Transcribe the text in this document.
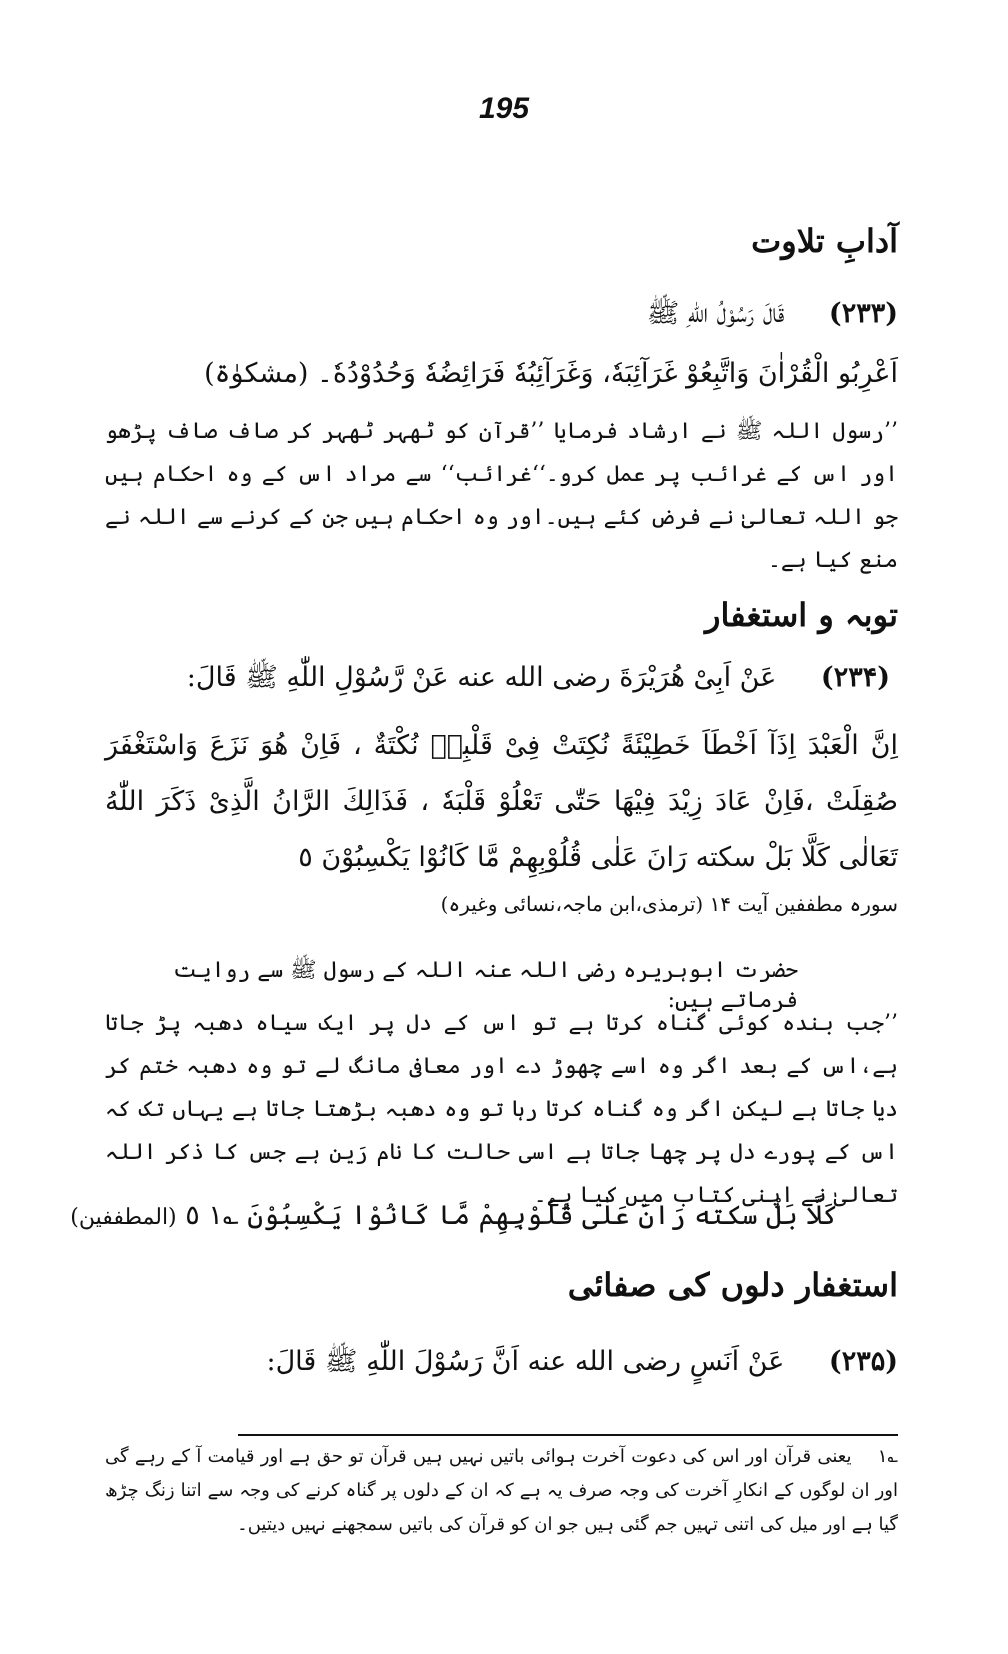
195
آدابِ تلاوت
(۲۳۳) قَالَ رَسُوْلُ اللّٰهِ ﷺ
اَعْرِبُو الْقُرْاٰنَ وَاتَّبِعُوْ غَرَآئِبَهٗ، وَغَرَآئِبُهٗ فَرَائِضُهٗ وَحُدُوْدُهٗ۔ (مشکوٰۃ)
’’رسول اللہ ﷺ نے ارشاد فرمایا ’’قرآن کو ٹھہر ٹھہر کر صاف صاف پڑھو اور اس کے غرائب پر عمل کرو۔‘‘غرائب‘‘ سے مراد اس کے وہ احکام ہیں جو اللہ تعالیٰ نے فرض کئے ہیں۔اور وہ احکام ہیں جن کے کرنے سے اللہ نے منع کیا ہے۔
توبہ و استغفار
(۲۳۴) عَنْ اَبِیْ هُرَیْرَةَ رضی الله عنه عَنْ رَّسُوْلِ اللّٰهِ ﷺ قَالَ:
اِنَّ الْعَبْدَ اِذَآ اَخْطَاَ خَطِیْئَةً نُكِتَتْ فِیْ قَلْبِهٖ نُكْتَةٌ ، فَاِنْ هُوَ نَزَعَ وَاسْتَغْفَرَ صُقِلَتْ ،فَاِنْ عَادَ زِیْدَ فِیْهَا حَتّٰی تَعْلُوْ قَلْبَهٗ ، فَذَالِكَ الرَّانُ الَّذِیْ ذَكَرَ اللّٰهُ تَعَالٰی كَلَّا بَلْ سكته رَانَ عَلٰی قُلُوْبِهِمْ مَّا كَانُوْا یَكْسِبُوْنَ ٥
سورہ مطففین آیت ۱۴ (ترمذی،ابن ماجہ،نسائی وغیرہ)
حضرت ابوہریرہ رضی اللہ عنہ اللہ کے رسول ﷺ سے روایت فرماتے ہیں:
’’جب بندہ کوئی گناہ کرتا ہے تو اس کے دل پر ایک سیاہ دھبہ پڑ جاتا ہے،اس کے بعد اگر وہ اسے چھوڑ دے اور معافی مانگ لے تو وہ دھبہ ختم کر دیا جاتا ہے لیکن اگر وہ گناہ کرتا رہا تو وہ دھبہ بڑھتا جاتا ہے یہاں تک کہ اس کے پورے دل پر چھا جاتا ہے اسی حالت کا نام رَین ہے جس کا ذکر اللہ تعالیٰ نے اپنی کتاب میں کیا ہے۔
كَلَّا بَلْ سكته رَانَ عَلٰی قُلُوْبِهِمْ مَّا كَانُوْا یَكْسِبُوْنَ ؎١ ٥ (المطففین)
استغفار دلوں کی صفائی
(۲۳۵) عَنْ اَنَسٍ رضی الله عنه اَنَّ رَسُوْلَ اللّٰهِ ﷺ قَالَ:
؎١ یعنی قرآن اور اس کی دعوت آخرت ہوائی باتیں نہیں ہیں قرآن تو حق ہے اور قیامت آ کے رہے گی اور ان لوگوں کے انکارِ آخرت کی وجہ صرف یہ ہے کہ ان کے دلوں پر گناہ کرنے کی وجہ سے اتنا زنگ چڑھ گیا ہے اور میل کی اتنی تہیں جم گئی ہیں جو ان کو قرآن کی باتیں سمجھنے نہیں دیتیں۔
